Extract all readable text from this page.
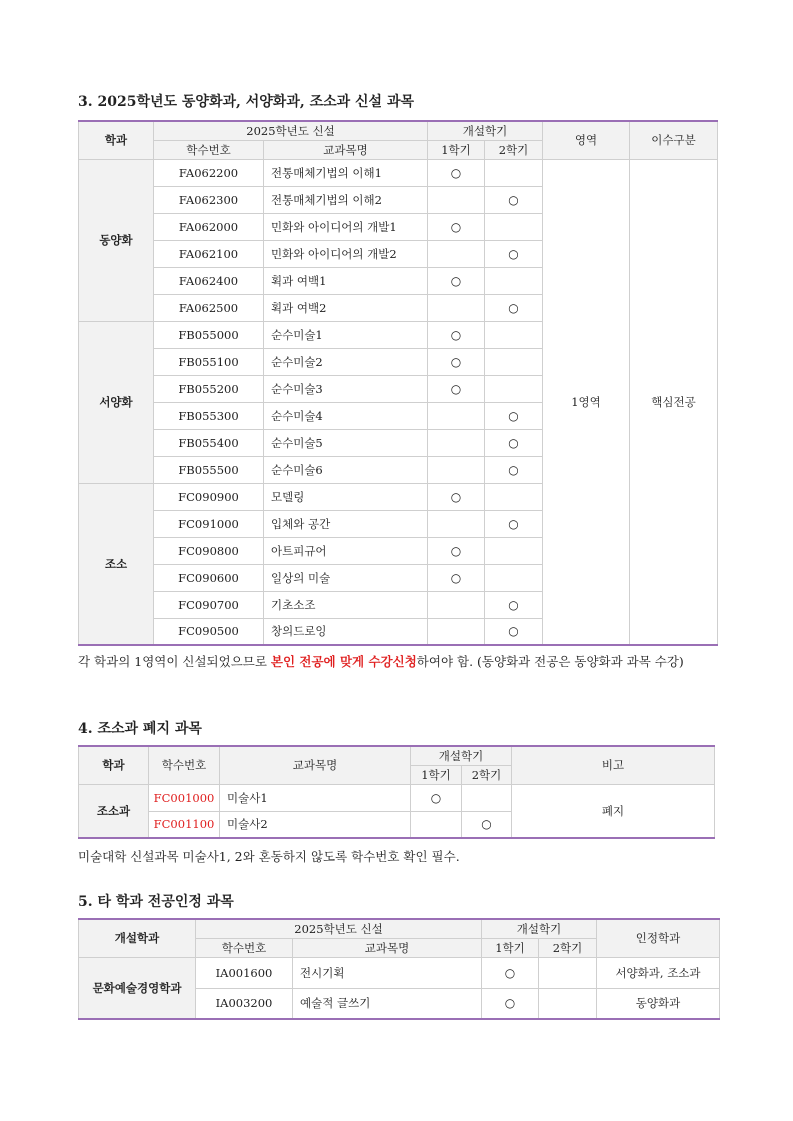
3. 2025학년도 동양화과, 서양화과, 조소과 신설 과목
학과	2025학년도 신설		개설학기		영역	이수구분
	학수번호	교과목명	1학기	2학기		
동양화	FA062200	전통매체기법의 이해1	○		1영역	핵심전공
	FA062300	전통매체기법의 이해2		○		
	FA062000	민화와 아이디어의 개발1	○			
	FA062100	민화와 아이디어의 개발2		○		
	FA062400	획과 여백1	○			
	FA062500	획과 여백2		○		
서양화	FB055000	순수미술1	○			
	FB055100	순수미술2	○			
	FB055200	순수미술3	○			
	FB055300	순수미술4		○		
	FB055400	순수미술5		○		
	FB055500	순수미술6		○		
조소	FC090900	모델링	○			
	FC091000	입체와 공간		○		
	FC090800	아트피규어	○			
	FC090600	일상의 미술	○			
	FC090700	기초소조		○		
	FC090500	창의드로잉		○		

각 학과의 1영역이 신설되었으므로 본인 전공에 맞게 수강신청하여야 함. (동양화과 전공은 동양화과 과목 수강)

4. 조소과 폐지 과목
학과	학수번호	교과목명	개설학기		비고
			1학기	2학기	
조소과	FC001000	미술사1	○		폐지
	FC001100	미술사2		○	

미술대학 신설과목 미술사1, 2와 혼동하지 않도록 학수번호 확인 필수.

5. 타 학과 전공인정 과목
개설학과	2025학년도 신설		개설학기		인정학과
	학수번호	교과목명	1학기	2학기	
문화예술경영학과	IA001600	전시기획	○		서양화과, 조소과
	IA003200	예술적 글쓰기	○		동양화과
